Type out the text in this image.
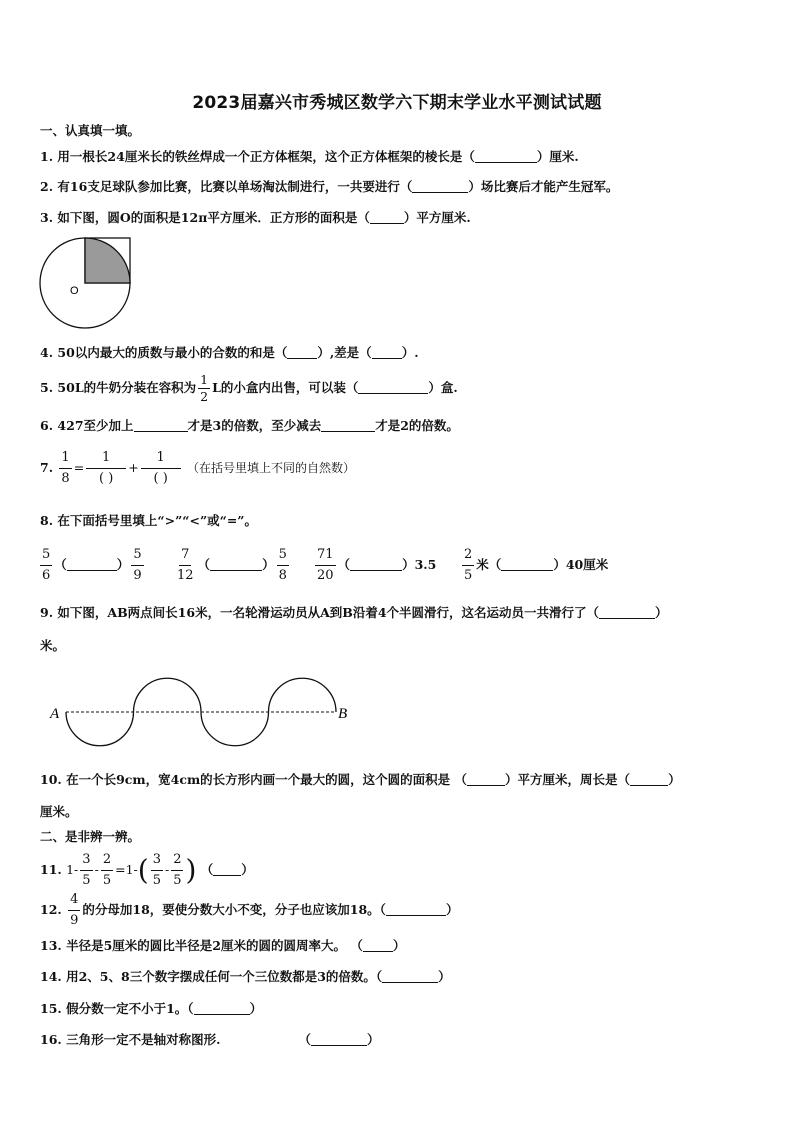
2023届嘉兴市秀城区数学六下期末学业水平测试试题
一、认真填一填。
1. 用一根长24厘米长的铁丝焊成一个正方体框架，这个正方体框架的棱长是（	）厘米.
2. 有16支足球队参加比赛，比赛以单场淘汰制进行，一共要进行（	）场比赛后才能产生冠军。
3. 如下图，圆O的面积是12π平方厘米．正方形的面积是（	）平方厘米.
O
4. 50以内最大的质数与最小的合数的和是（ ）,差是（ ）.
5. 50L的牛奶分装在容积为 $\frac{1}{2}$ L的小盒内出售，可以装（	）盒.
6. 427至少加上	才是3的倍数，至少减去	才是2的倍数。
7. $\frac{1}{8} = \frac{1}{( )} + \frac{1}{( )}$ （在括号里填上不同的自然数）
8. 在下面括号里填上“>”“<”或“=”。
$\frac{5}{6}$ （	） $\frac{5}{9} \frac{7}{12}$ （	） $\frac{5}{8} \frac{71}{20}$ （	）$3.5 \frac{2}{5}$ 米（	）40厘米
9. 如下图，AB两点间长16米，一名轮滑运动员从A到B沿着4个半圆滑行，这名运动员一共滑行了（	）
米。
A	B
10. 在一个长9cm，宽4cm的长方形内画一个最大的圆，这个圆的面积是 （	）平方厘米，周长是（	）
厘米。
二、是非辨一辨。
11. $1- \frac{3}{5} - \frac{2}{5} =1-( \frac{3}{5} - \frac{2}{5}$ ) （ ）
12. $\frac{4}{9}$ 的分母加18，要使分数大小不变，分子也应该加18。（	）
13. 半径是5厘米的圆比半径是2厘米的圆的圆周率大。 （ ）
14. 用2、5、8三个数字摆成任何一个三位数都是3的倍数。（	）
15. 假分数一定不小于1。（	）
16. 三角形一定不是轴对称图形.	（	）
